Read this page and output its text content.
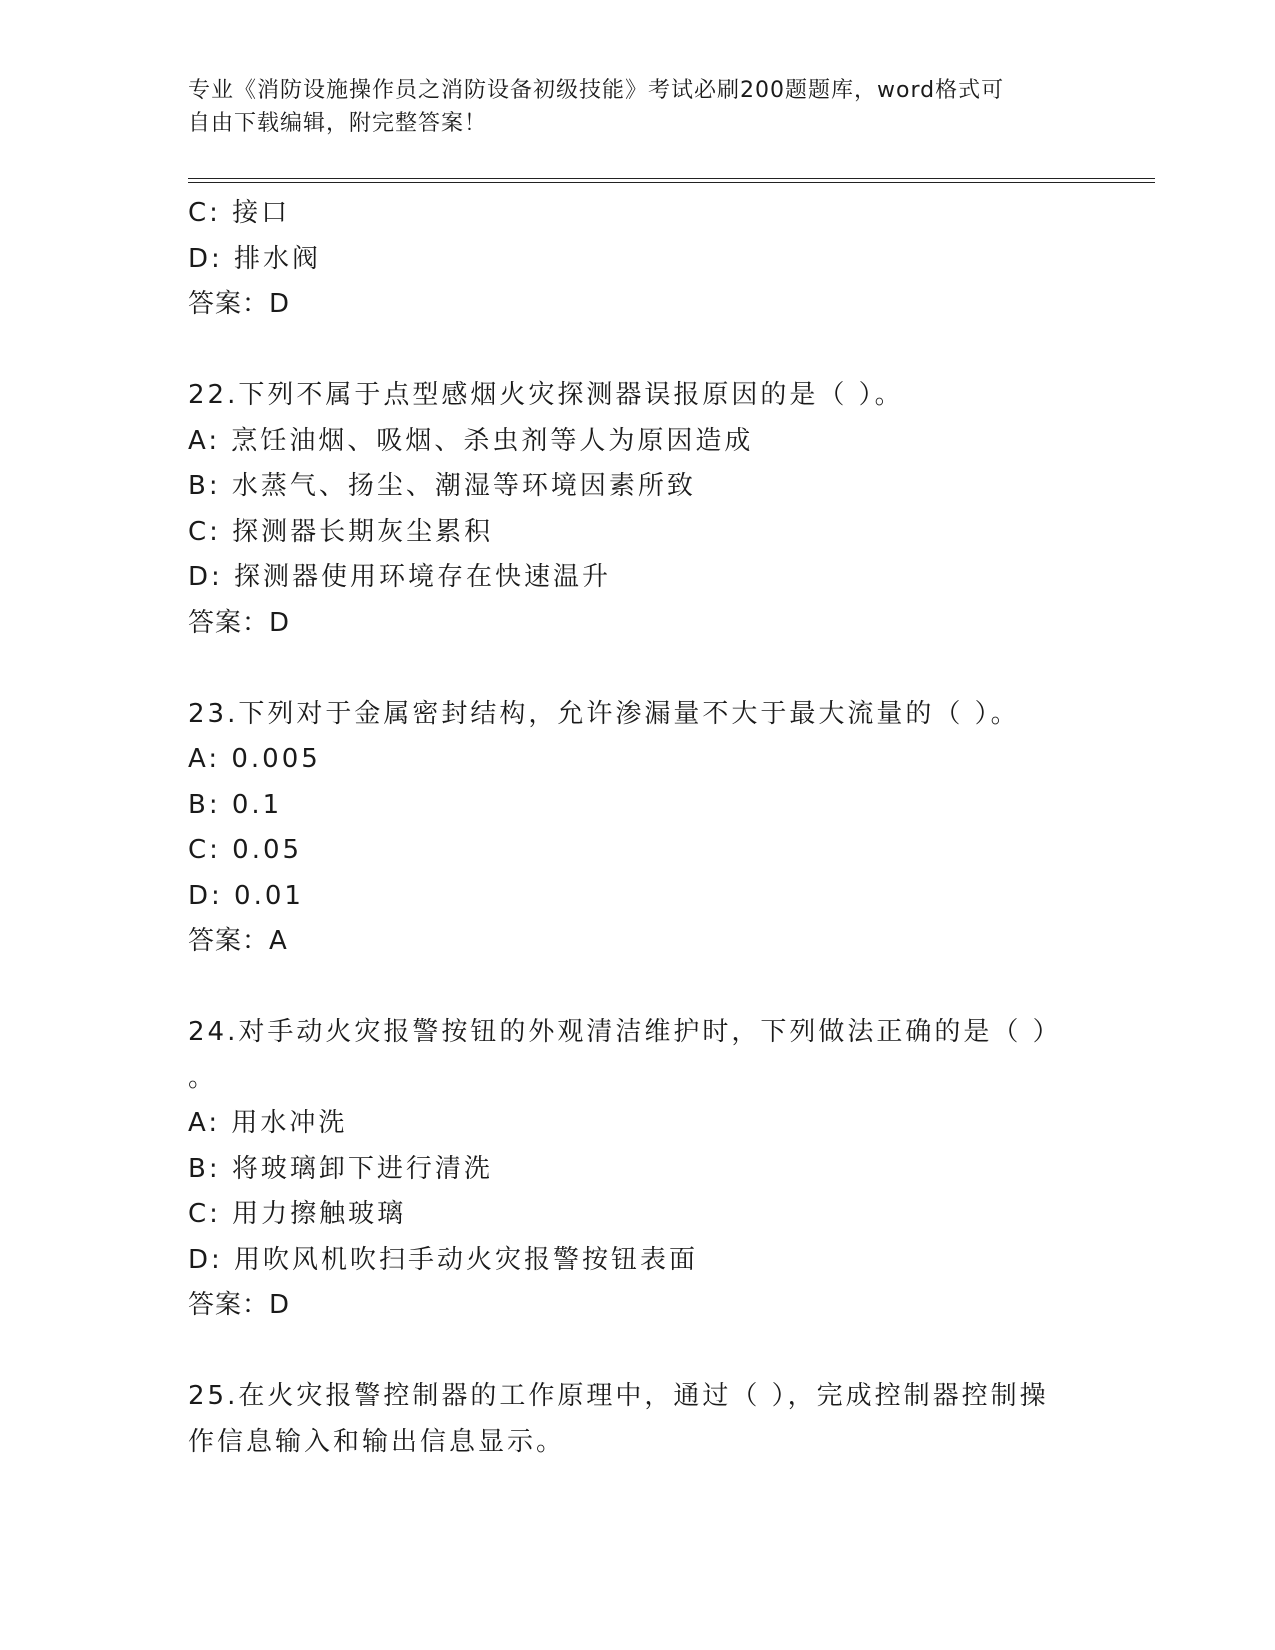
专业《消防设施操作员之消防设备初级技能》考试必刷200题题库，word格式可
自由下载编辑，附完整答案！
C: 接口
D: 排水阀
答案：D
22.下列不属于点型感烟火灾探测器误报原因的是（ ）。
A: 烹饪油烟、吸烟、杀虫剂等人为原因造成
B: 水蒸气、扬尘、潮湿等环境因素所致
C: 探测器长期灰尘累积
D: 探测器使用环境存在快速温升
答案：D
23.下列对于金属密封结构，允许渗漏量不大于最大流量的（ ）。
A: 0.005
B: 0.1
C: 0.05
D: 0.01
答案：A
24.对手动火灾报警按钮的外观清洁维护时，下列做法正确的是（ ）
。
A: 用水冲洗
B: 将玻璃卸下进行清洗
C: 用力擦触玻璃
D: 用吹风机吹扫手动火灾报警按钮表面
答案：D
25.在火灾报警控制器的工作原理中，通过（ ），完成控制器控制操
作信息输入和输出信息显示。
